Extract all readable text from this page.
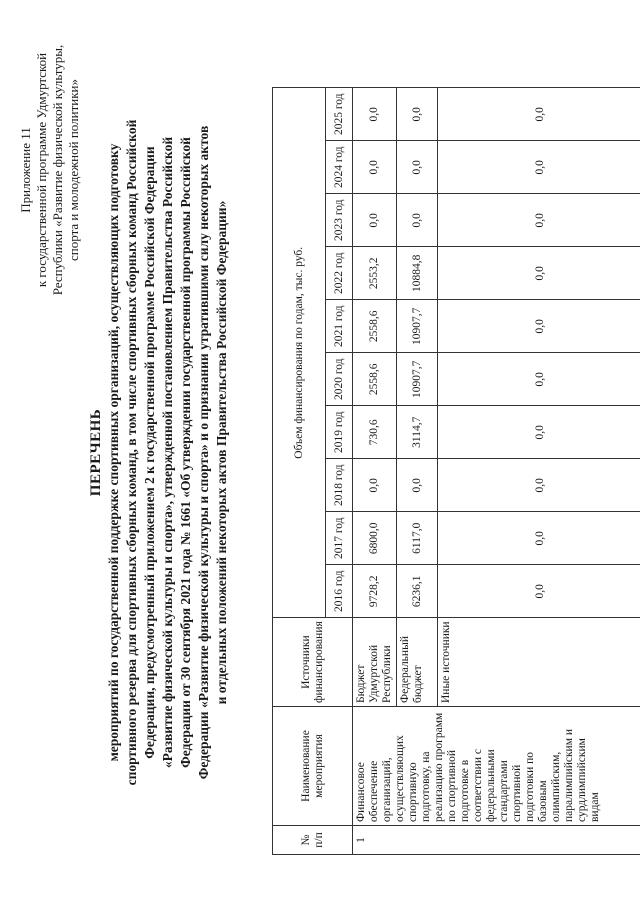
Приложение 11 к государственной программе Удмуртской Республики «Развитие физической культуры, спорта и молодежной политики»
ПЕРЕЧЕНЬ мероприятий по государственной поддержке спортивных организаций, осуществляющих подготовку спортивного резерва для спортивных сборных команд, в том числе спортивных сборных команд Российской Федерации, предусмотренный приложением 2 к государственной программе Российской Федерации «Развитие физической культуры и спорта», утвержденной постановлением Правительства Российской Федерации от 30 сентября 2021 года № 1661 «Об утверждении государственной программы Российской Федерации «Развитие физической культуры и спорта» и о признании утратившими силу некоторых актов и отдельных положений некоторых актов Правительства Российской Федерации»
№ п/п	Наименование мероприятия	Источники финансирования	Объем финансирования по годам, тыс. руб.									
			2016 год	2017 год	2018 год	2019 год	2020 год	2021 год	2022 год	2023 год	2024 год	2025 год
1	Финансовое обеспечение организаций, осуществляющих спортивную подготовку, на реализацию программ по спортивной подготовке в соответствии с федеральными стандартами спортивной подготовки по базовым олимпийским, паралимпийским и сурдлимпийским видам	Бюджет Удмуртской Республики	9728,2	6800,0	0,0	730,6	2558,6	2558,6	2553,2	0,0	0,0	0,0
		Федеральный бюджет	6236,1	6117,0	0,0	3114,7	10907,7	10907,7	10884,8	0,0	0,0	0,0
		Иные источники	0,0	0,0	0,0	0,0	0,0	0,0	0,0	0,0	0,0	0,0
